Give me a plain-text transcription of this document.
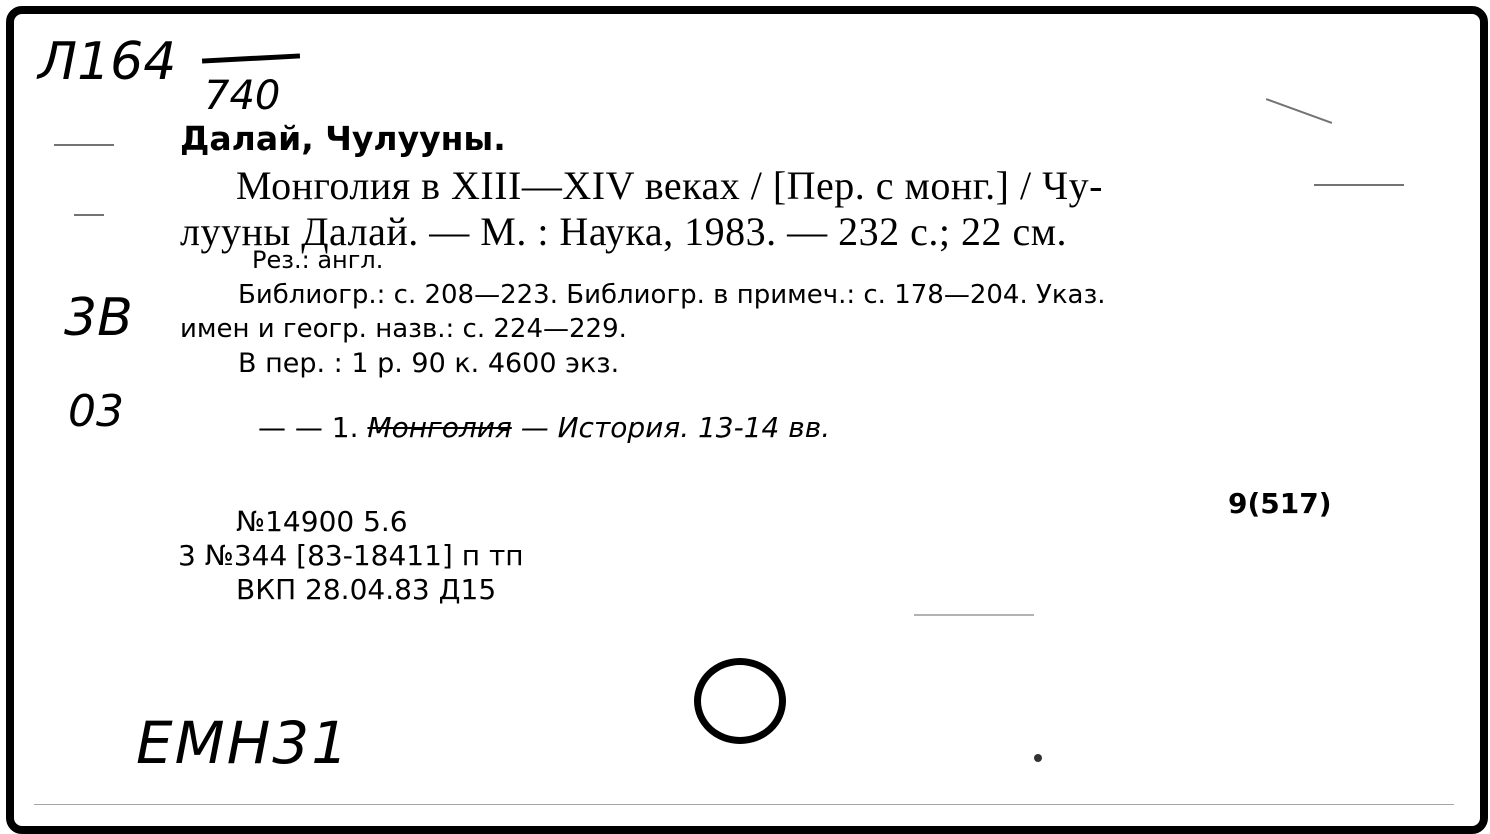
Л164
740
Далай, Чулууны.
Монголия в XIII—XIV веках / [Пер. с монг.] / Чу-
лууны Далай. — М. : Наука, 1983. — 232 с.; 22 см.
Рез.: англ.
Библиогр.: с. 208—223. Библиогр. в примеч.: с. 178—204. Указ.
имен и геогр. назв.: с. 224—229.
В пер. : 1 р. 90 к. 4600 экз.
3В
03	— — 1. Монголия — История. 13-14 вв.
9(517)
№14900 5.6
3 №344 [83-18411] п тп
ВКП 28.04.83 Д15
ЕМН31
